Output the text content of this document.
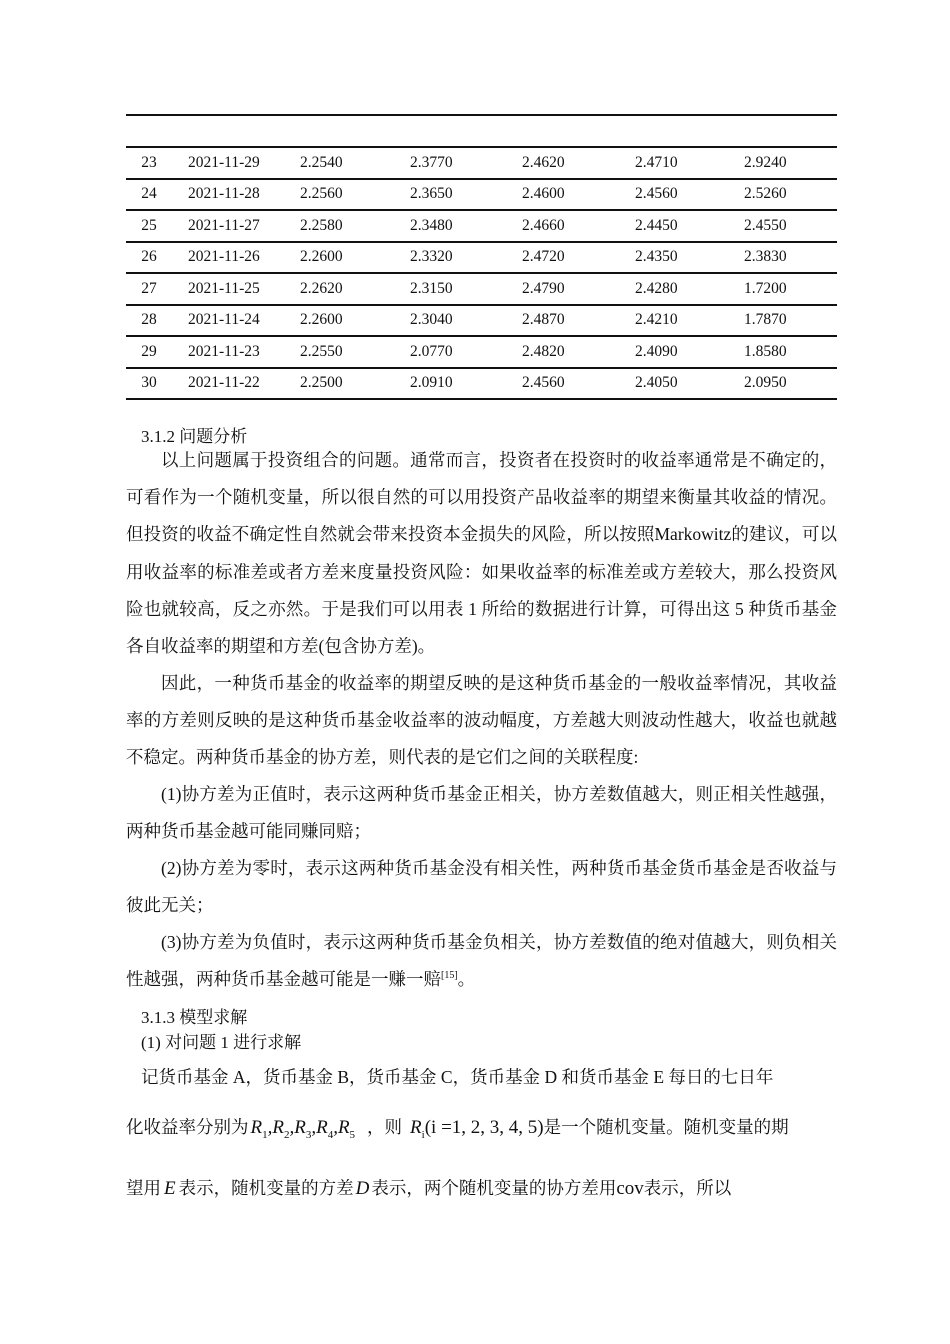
23	2021-11-29	2.2540	2.3770	2.4620	2.4710	2.9240
24	2021-11-28	2.2560	2.3650	2.4600	2.4560	2.5260
25	2021-11-27	2.2580	2.3480	2.4660	2.4450	2.4550
26	2021-11-26	2.2600	2.3320	2.4720	2.4350	2.3830
27	2021-11-25	2.2620	2.3150	2.4790	2.4280	1.7200
28	2021-11-24	2.2600	2.3040	2.4870	2.4210	1.7870
29	2021-11-23	2.2550	2.0770	2.4820	2.4090	1.8580
30	2021-11-22	2.2500	2.0910	2.4560	2.4050	2.0950
3.1.2 问题分析
以上问题属于投资组合的问题。通常而言，投资者在投资时的收益率通常是不确定的，可看作为一个随机变量，所以很自然的可以用投资产品收益率的期望来衡量其收益的情况。但投资的收益不确定性自然就会带来投资本金损失的风险，所以按照Markowitz的建议，可以用收益率的标准差或者方差来度量投资风险：如果收益率的标准差或方差较大，那么投资风险也就较高，反之亦然。于是我们可以用表 1 所给的数据进行计算，可得出这 5 种货币基金各自收益率的期望和方差(包含协方差)。
因此，一种货币基金的收益率的期望反映的是这种货币基金的一般收益率情况，其收益率的方差则反映的是这种货币基金收益率的波动幅度，方差越大则波动性越大，收益也就越不稳定。两种货币基金的协方差，则代表的是它们之间的关联程度:
(1)协方差为正值时，表示这两种货币基金正相关，协方差数值越大，则正相关性越强，两种货币基金越可能同赚同赔；
(2)协方差为零时，表示这两种货币基金没有相关性，两种货币基金货币基金是否收益与彼此无关；
(3)协方差为负值时，表示这两种货币基金负相关，协方差数值的绝对值越大，则负相关性越强，两种货币基金越可能是一赚一赔[15]。
3.1.3 模型求解
(1) 对问题 1 进行求解
记货币基金 A，货币基金 B，货币基金 C，货币基金 D 和货币基金 E 每日的七日年
化收益率分别为 $R_1,R_2,R_3,R_4,R_5$ ，则 $R_i(i =1$, 2, 3, 4, 5)是一个随机变量。随机变量的期
望用 E 表示，随机变量的方差 D 表示，两个随机变量的协方差用cov表示，所以
